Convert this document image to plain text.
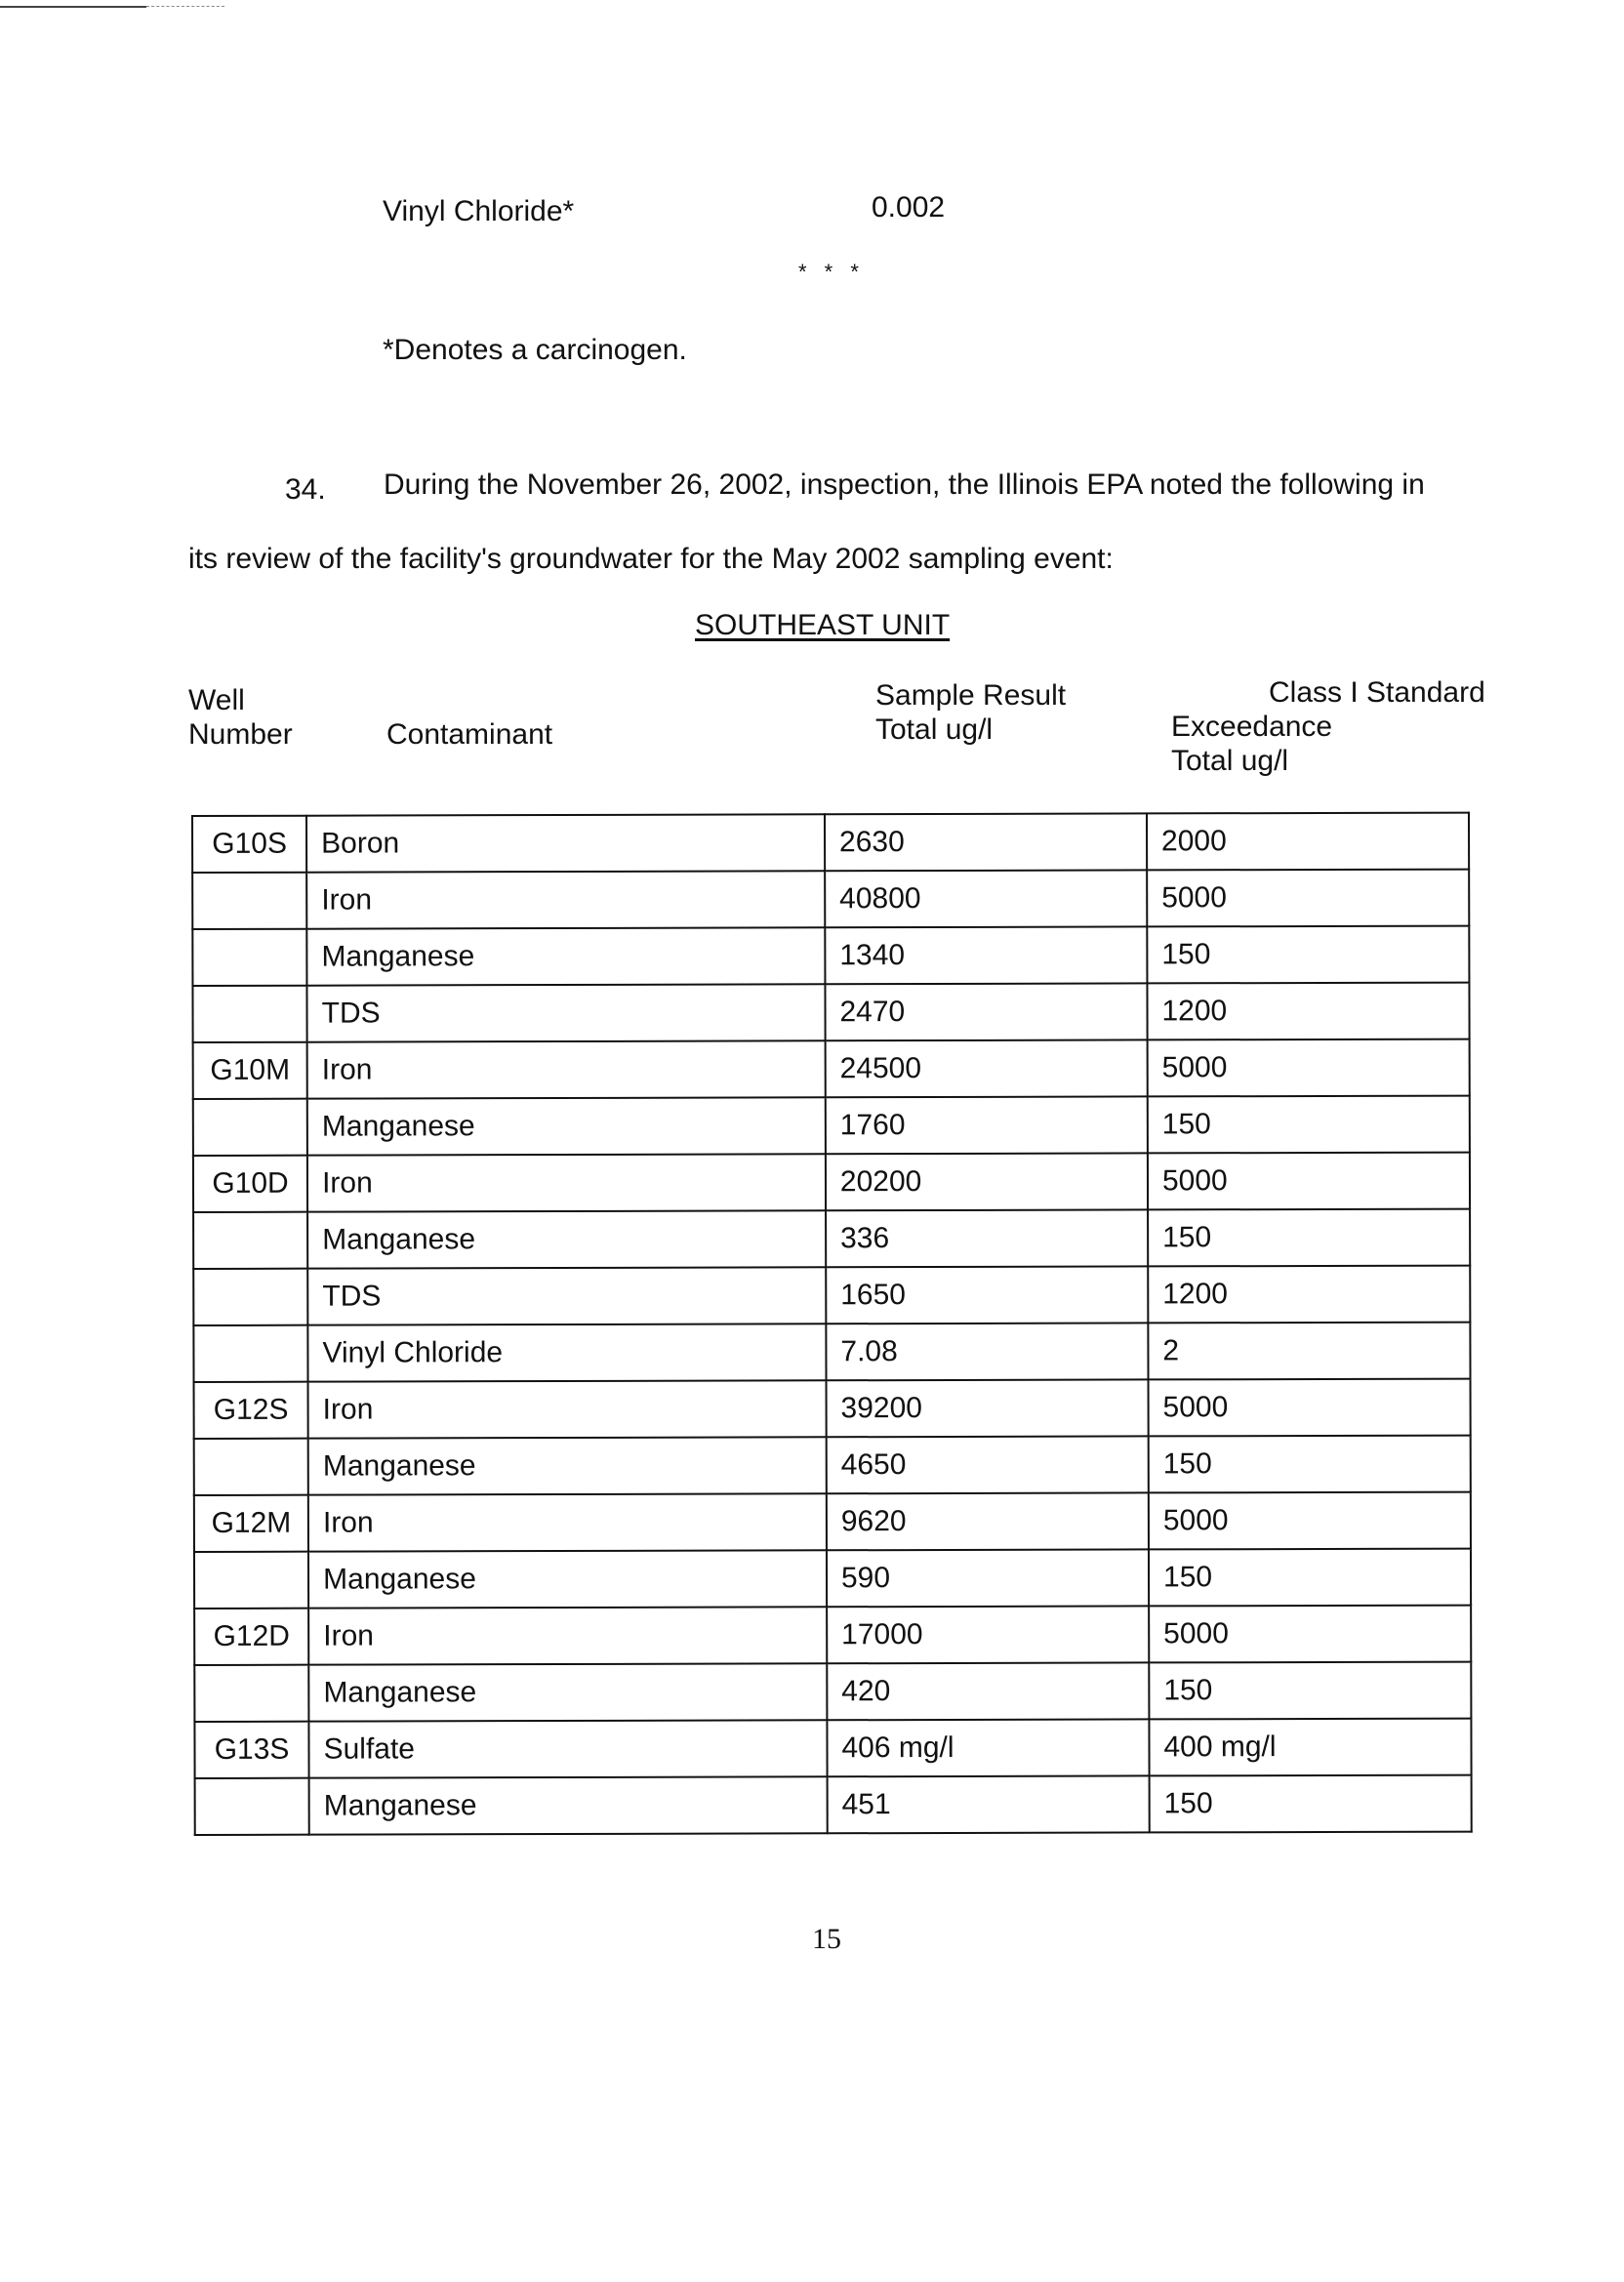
Vinyl Chloride*	0.002
* * *
*Denotes a carcinogen.
34. During the November 26, 2002, inspection, the Illinois EPA noted the following in
its review of the facility's groundwater for the May 2002 sampling event:
SOUTHEAST UNIT
Well
Number	Contaminant
Sample Result
Total ug/l
Class I Standard
Exceedance
Total ug/l
G10S	Boron	2630	2000
	Iron	40800	5000
	Manganese	1340	150
	TDS	2470	1200
G10M	Iron	24500	5000
	Manganese	1760	150
G10D	Iron	20200	5000
	Manganese	336	150
	TDS	1650	1200
	Vinyl Chloride	7.08	2
G12S	Iron	39200	5000
	Manganese	4650	150
G12M	Iron	9620	5000
	Manganese	590	150
G12D	Iron	17000	5000
	Manganese	420	150
G13S	Sulfate	406 mg/l	400 mg/l
	Manganese	451	150
15
